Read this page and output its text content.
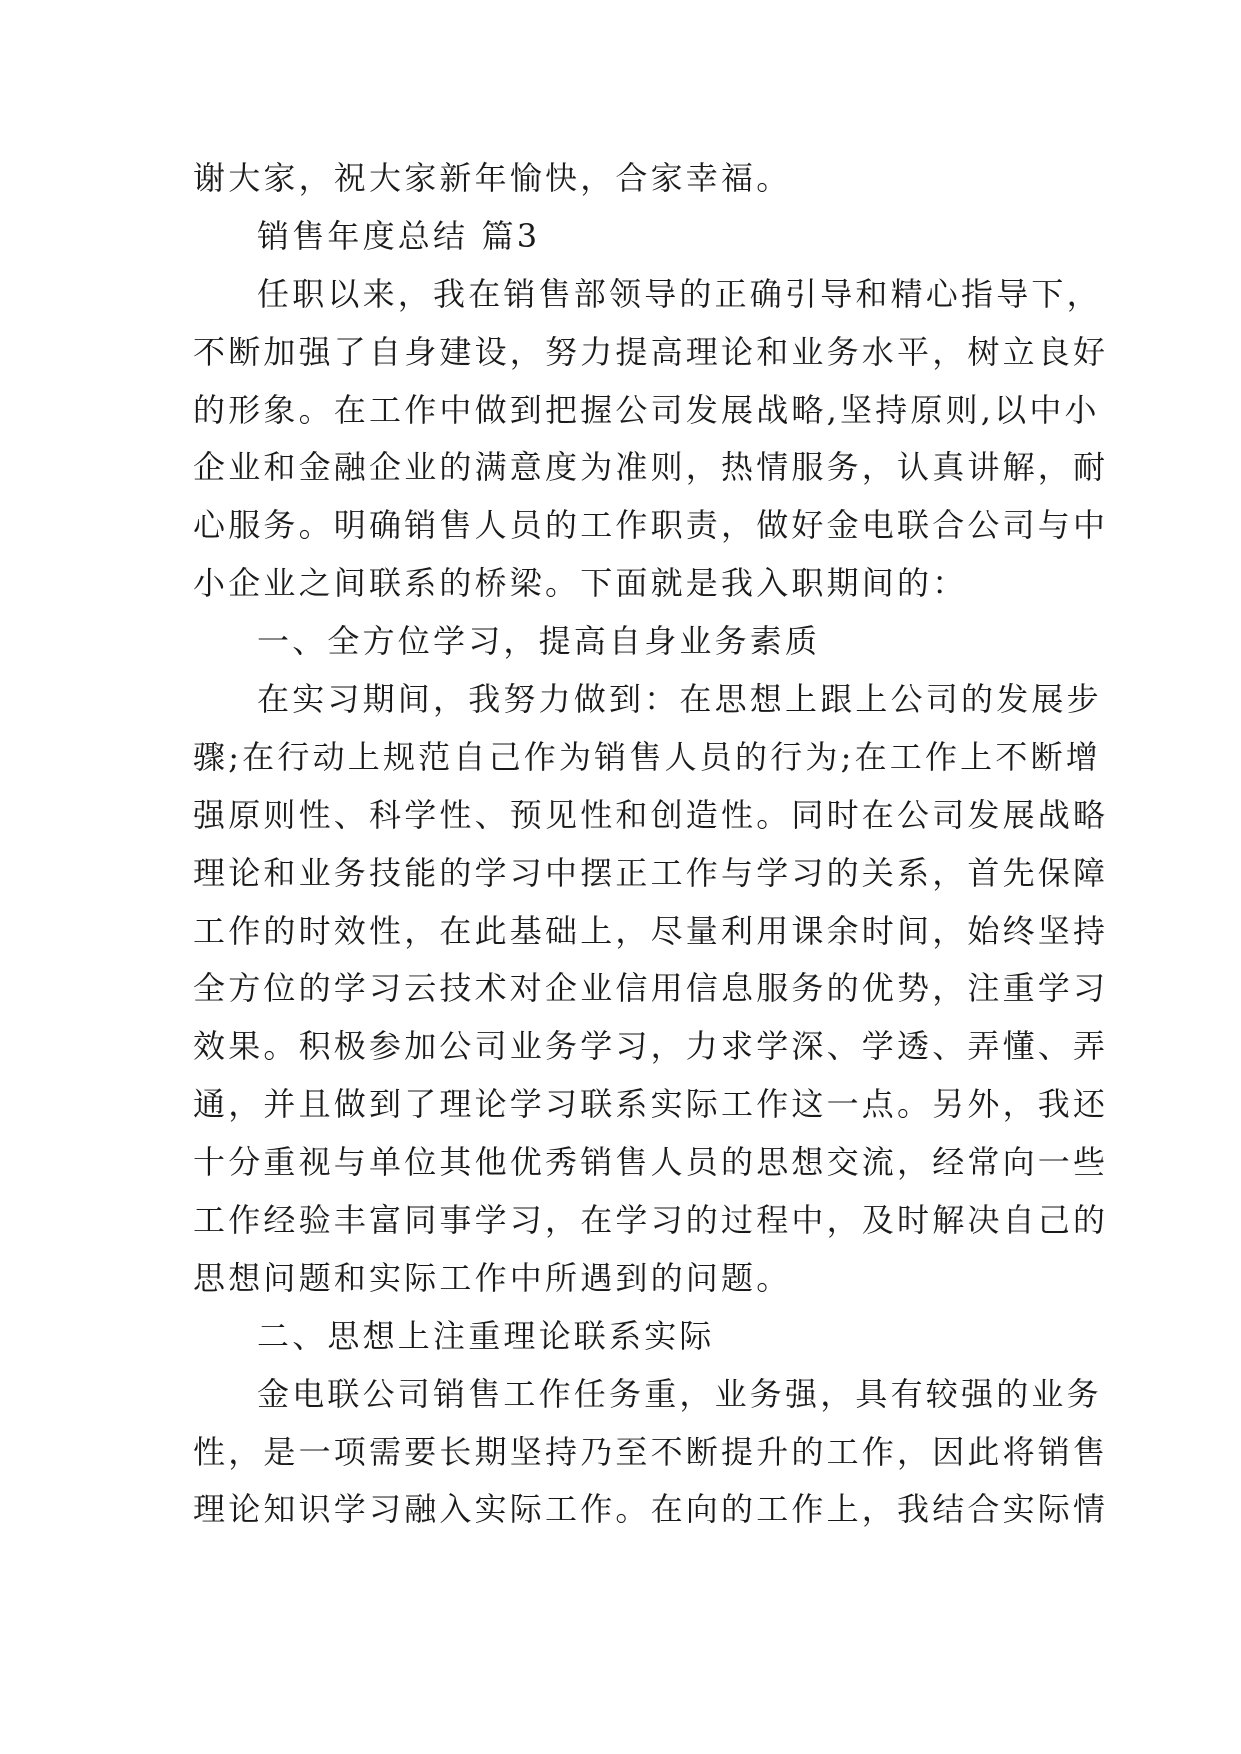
谢大家，祝大家新年愉快，合家幸福。
销售年度总结 篇3
任职以来，我在销售部领导的正确引导和精心指导下，
不断加强了自身建设，努力提高理论和业务水平，树立良好
的形象。在工作中做到把握公司发展战略,坚持原则,以中小
企业和金融企业的满意度为准则，热情服务，认真讲解，耐
心服务。明确销售人员的工作职责，做好金电联合公司与中
小企业之间联系的桥梁。下面就是我入职期间的：
一、全方位学习，提高自身业务素质
在实习期间，我努力做到：在思想上跟上公司的发展步
骤;在行动上规范自己作为销售人员的行为;在工作上不断增
强原则性、科学性、预见性和创造性。同时在公司发展战略
理论和业务技能的学习中摆正工作与学习的关系，首先保障
工作的时效性，在此基础上，尽量利用课余时间，始终坚持
全方位的学习云技术对企业信用信息服务的优势，注重学习
效果。积极参加公司业务学习，力求学深、学透、弄懂、弄
通，并且做到了理论学习联系实际工作这一点。另外，我还
十分重视与单位其他优秀销售人员的思想交流，经常向一些
工作经验丰富同事学习，在学习的过程中，及时解决自己的
思想问题和实际工作中所遇到的问题。
二、思想上注重理论联系实际
金电联公司销售工作任务重，业务强，具有较强的业务
性，是一项需要长期坚持乃至不断提升的工作，因此将销售
理论知识学习融入实际工作。在向的工作上，我结合实际情
